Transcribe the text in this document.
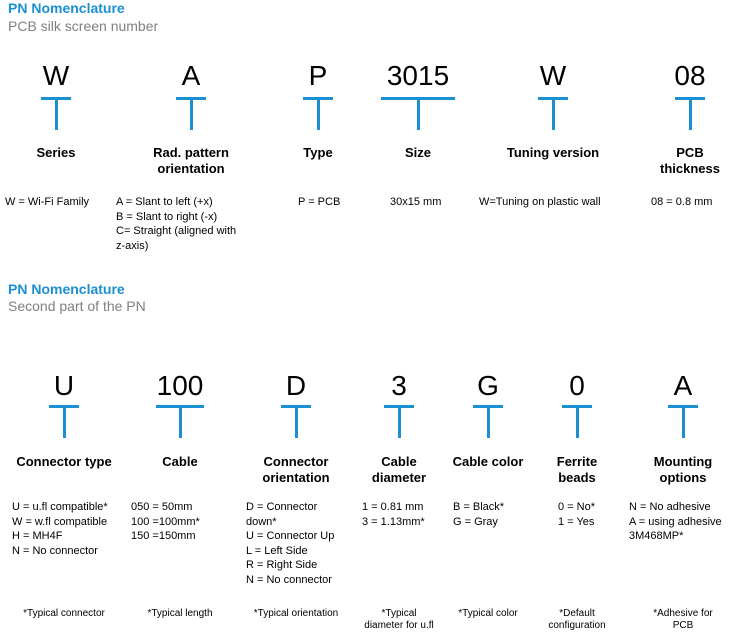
PN Nomenclature
PCB silk screen number
W
Series
W = Wi-Fi Family
A
Rad. pattern
orientation
A = Slant to left (+x)
B = Slant to right (-x)
C= Straight (aligned with
z-axis)
P
Type
P = PCB
3015
Size
30x15 mm
W
Tuning version
W=Tuning on plastic wall
08
PCB thickness
08 = 0.8 mm
PN Nomenclature
Second part of the PN
U
Connector type
U = u.fl compatible*
W = w.fl compatible
H = MH4F
N = No connector
*Typical connector
100
Cable
050 = 50mm
100 =100mm*
150 =150mm
*Typical length
D
Connector
orientation
D = Connector
down*
U = Connector Up
L = Left Side
R = Right Side
N = No connector
*Typical orientation
3
Cable
diameter
1 = 0.81 mm
3 = 1.13mm*
*Typical
diameter for u.fl
G
Cable color
B = Black*
G = Gray
*Typical color
0
Ferrite
beads
0 = No*
1 = Yes
*Default
configuration
A
Mounting
options
N = No adhesive
A = using adhesive
3M468MP*
*Adhesive for PCB
